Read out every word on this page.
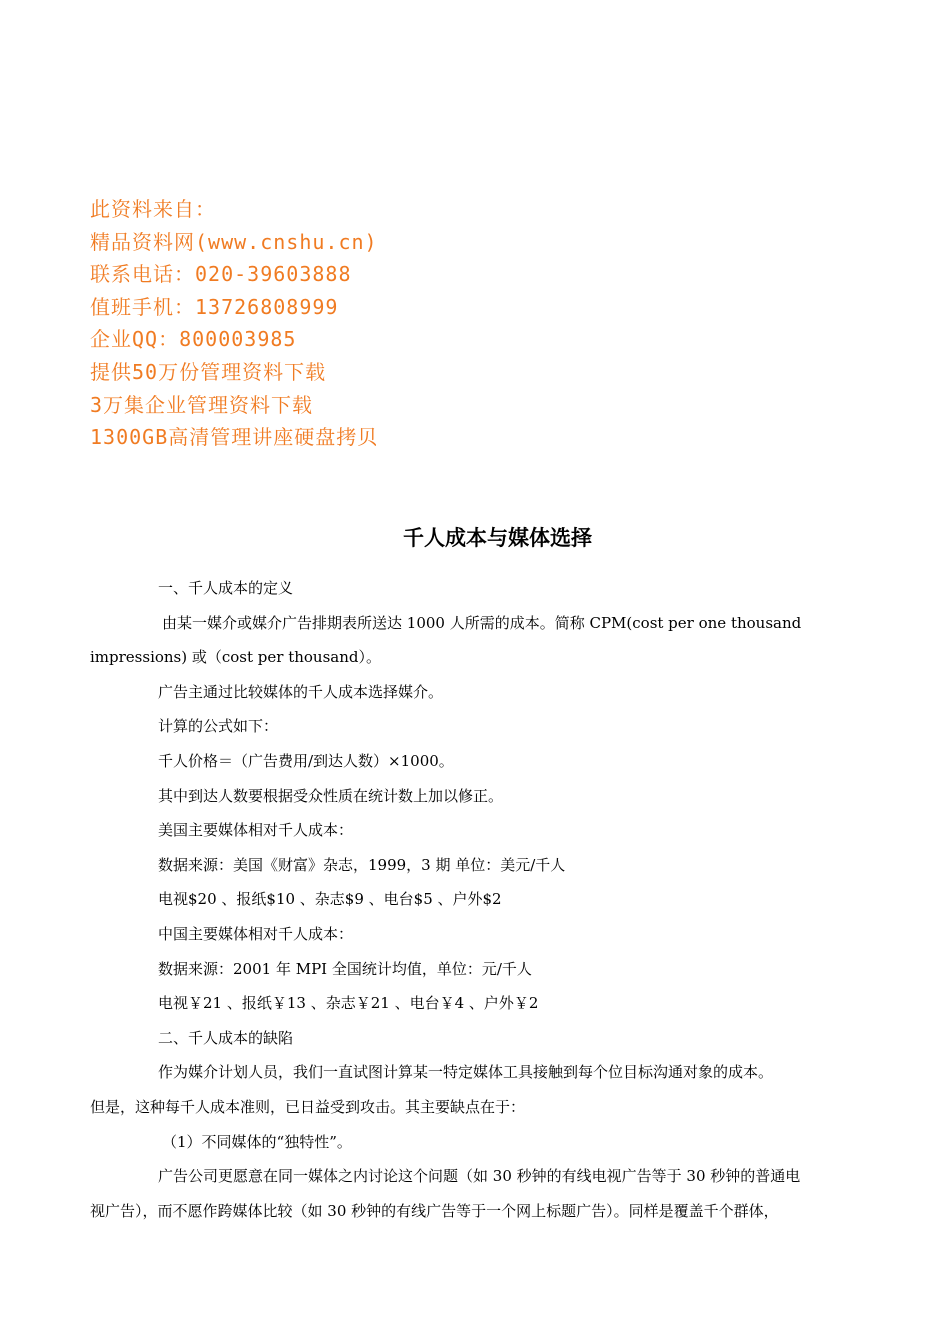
此资料来自：
精品资料网(www.cnshu.cn)
联系电话：020-39603888
值班手机：13726808999
企业QQ：800003985
提供50万份管理资料下载
3万集企业管理资料下载
1300GB高清管理讲座硬盘拷贝
千人成本与媒体选择

一、千人成本的定义

由某一媒介或媒介广告排期表所送达 1000 人所需的成本。简称 CPM(cost per one thousand

impressions) 或（cost per thousand）。

广告主通过比较媒体的千人成本选择媒介。

计算的公式如下：

千人价格＝（广告费用/到达人数）×1000。

其中到达人数要根据受众性质在统计数上加以修正。

美国主要媒体相对千人成本：

数据来源：美国《财富》杂志，1999，3 期 单位：美元/千人

电视$20 、报纸$10 、杂志$9 、电台$5 、户外$2

中国主要媒体相对千人成本：

数据来源：2001 年 MPI 全国统计均值，单位：元/千人

电视￥21 、报纸￥13 、杂志￥21 、电台￥4 、户外￥2

二、千人成本的缺陷

作为媒介计划人员，我们一直试图计算某一特定媒体工具接触到每个位目标沟通对象的成本。

但是，这种每千人成本准则，已日益受到攻击。其主要缺点在于：

（1）不同媒体的“独特性”。

广告公司更愿意在同一媒体之内讨论这个问题（如 30 秒钟的有线电视广告等于 30 秒钟的普通电

视广告），而不愿作跨媒体比较（如 30 秒钟的有线广告等于一个网上标题广告）。同样是覆盖千个群体，
